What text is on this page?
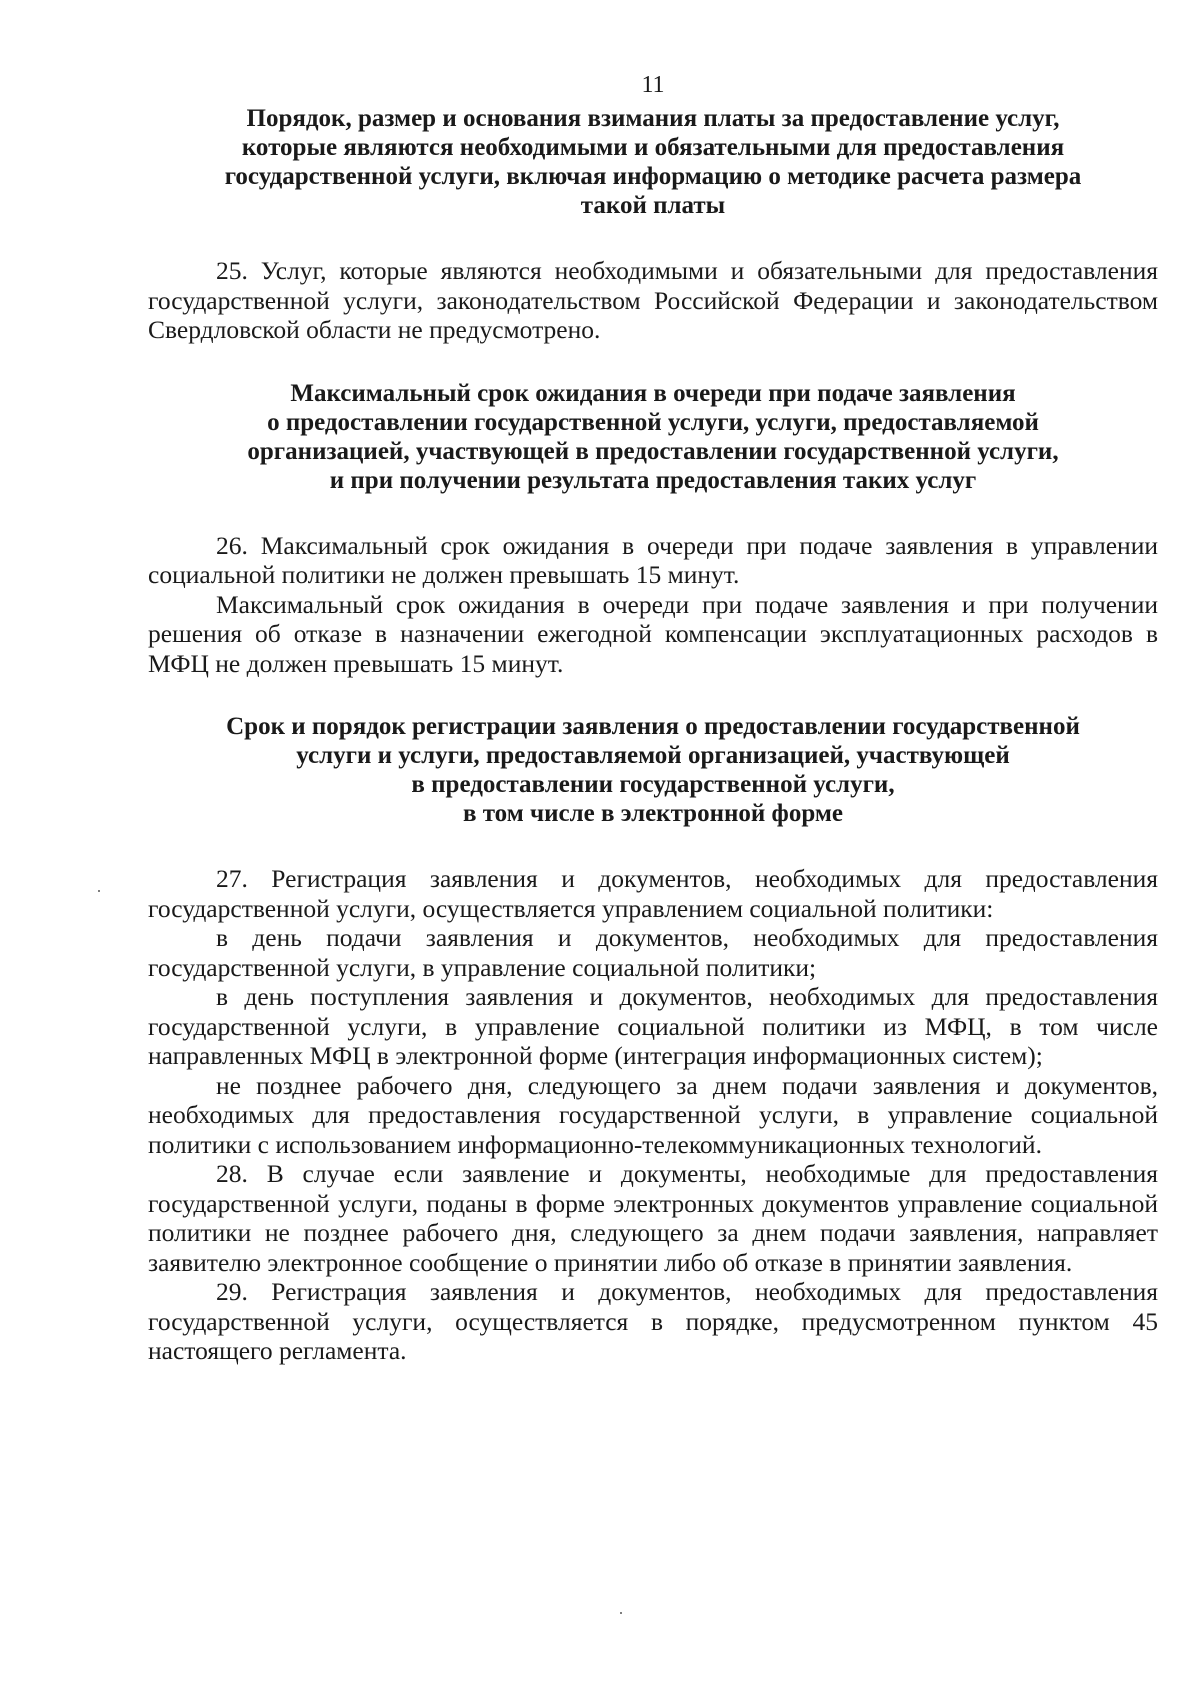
11
Порядок, размер и основания взимания платы за предоставление услуг,
которые являются необходимыми и обязательными для предоставления
государственной услуги, включая информацию о методике расчета размера
такой платы

25. Услуг, которые являются необходимыми и обязательными для предоставления государственной услуги, законодательством Российской Федерации и законодательством Свердловской области не предусмотрено.

Максимальный срок ожидания в очереди при подаче заявления
о предоставлении государственной услуги, услуги, предоставляемой
организацией, участвующей в предоставлении государственной услуги,
и при получении результата предоставления таких услуг

26. Максимальный срок ожидания в очереди при подаче заявления в управлении социальной политики не должен превышать 15 минут.

Максимальный срок ожидания в очереди при подаче заявления и при получении решения об отказе в назначении ежегодной компенсации эксплуатационных расходов в МФЦ не должен превышать 15 минут.

Срок и порядок регистрации заявления о предоставлении государственной
услуги и услуги, предоставляемой организацией, участвующей
в предоставлении государственной услуги,
в том числе в электронной форме

27. Регистрация заявления и документов, необходимых для предоставления государственной услуги, осуществляется управлением социальной политики:

в день подачи заявления и документов, необходимых для предоставления государственной услуги, в управление социальной политики;

в день поступления заявления и документов, необходимых для предоставления государственной услуги, в управление социальной политики из МФЦ, в том числе направленных МФЦ в электронной форме (интеграция информационных систем);

не позднее рабочего дня, следующего за днем подачи заявления и документов, необходимых для предоставления государственной услуги, в управление социальной политики с использованием информационно-телекоммуникационных технологий.

28. В случае если заявление и документы, необходимые для предоставления государственной услуги, поданы в форме электронных документов управление социальной политики не позднее рабочего дня, следующего за днем подачи заявления, направляет заявителю электронное сообщение о принятии либо об отказе в принятии заявления.

29. Регистрация заявления и документов, необходимых для предоставления государственной услуги, осуществляется в порядке, предусмотренном пунктом 45 настоящего регламента.
